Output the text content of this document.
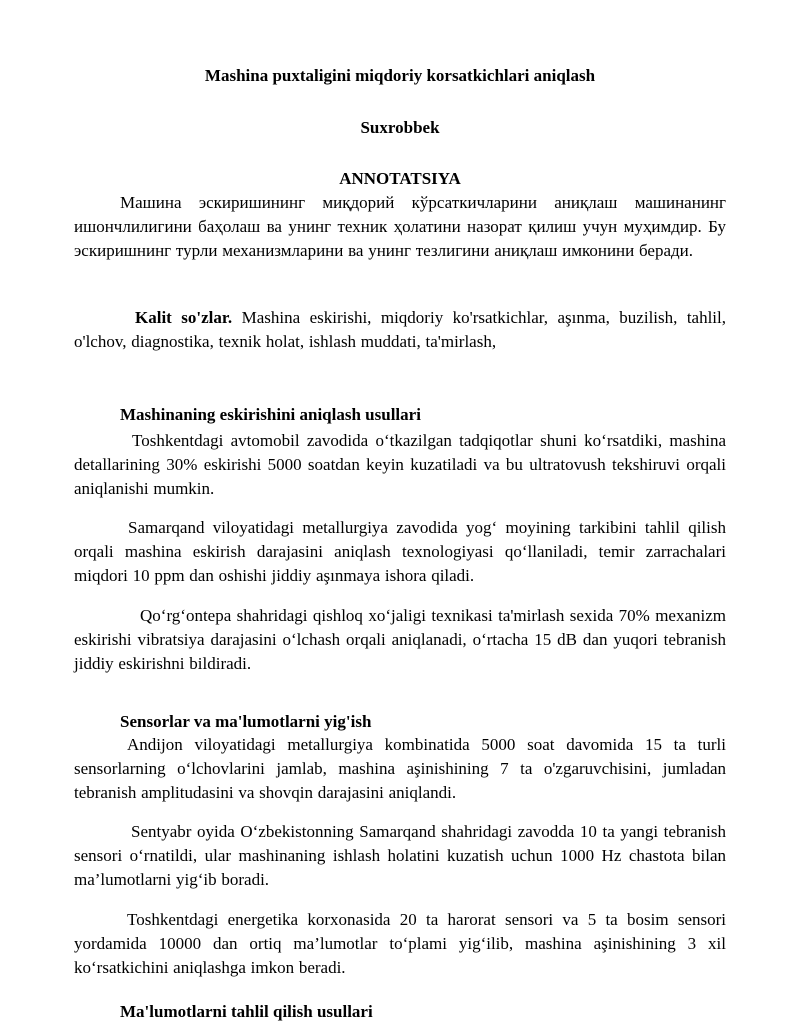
Mashina puxtaligini miqdoriy korsatkichlari aniqlash
Suxrobbek
ANNOTATSIYA
Машина эскиришининг миқдорий кўрсаткичларини аниқлаш машинанинг ишончлилигини баҳолаш ва унинг техник ҳолатини назорат қилиш учун муҳимдир. Бу эскиришнинг турли механизмларини ва унинг тезлигини аниқлаш имконини беради.
Kalit so'zlar. Mashina eskirishi, miqdoriy ko'rsatkichlar, aşınma, buzilish, tahlil, o'lchov, diagnostika, texnik holat, ishlash muddati, ta'mirlash,
Mashinaning eskirishini aniqlash usullari
Toshkentdagi avtomobil zavodida oʻtkazilgan tadqiqotlar shuni koʻrsatdiki, mashina detallarining 30% eskirishi 5000 soatdan keyin kuzatiladi va bu ultratovush tekshiruvi orqali aniqlanishi mumkin.
Samarqand viloyatidagi metallurgiya zavodida yogʻ moyining tarkibini tahlil qilish orqali mashina eskirish darajasini aniqlash texnologiyasi qoʻllaniladi, temir zarrachalari miqdori 10 ppm dan oshishi jiddiy aşınmaya ishora qiladi.
Qoʻrgʻontepa shahridagi qishloq xoʻjaligi texnikasi ta'mirlash sexida 70% mexanizm eskirishi vibratsiya darajasini oʻlchash orqali aniqlanadi, oʻrtacha 15 dB dan yuqori tebranish jiddiy eskirishni bildiradi.
Sensorlar va ma'lumotlarni yig'ish
Andijon viloyatidagi metallurgiya kombinatida 5000 soat davomida 15 ta turli sensorlarning oʻlchovlarini jamlab, mashina aşinishining 7 ta o'zgaruvchisini, jumladan tebranish amplitudasini va shovqin darajasini aniqlandi.
Sentyabr oyida Oʻzbekistonning Samarqand shahridagi zavodda 10 ta yangi tebranish sensori oʻrnatildi, ular mashinaning ishlash holatini kuzatish uchun 1000 Hz chastota bilan ma’lumotlarni yigʻib boradi.
Toshkentdagi energetika korxonasida 20 ta harorat sensori va 5 ta bosim sensori yordamida 10000 dan ortiq ma’lumotlar toʻplami yigʻilib, mashina aşinishining 3 xil koʻrsatkichini aniqlashga imkon beradi.
Ma'lumotlarni tahlil qilish usullari
